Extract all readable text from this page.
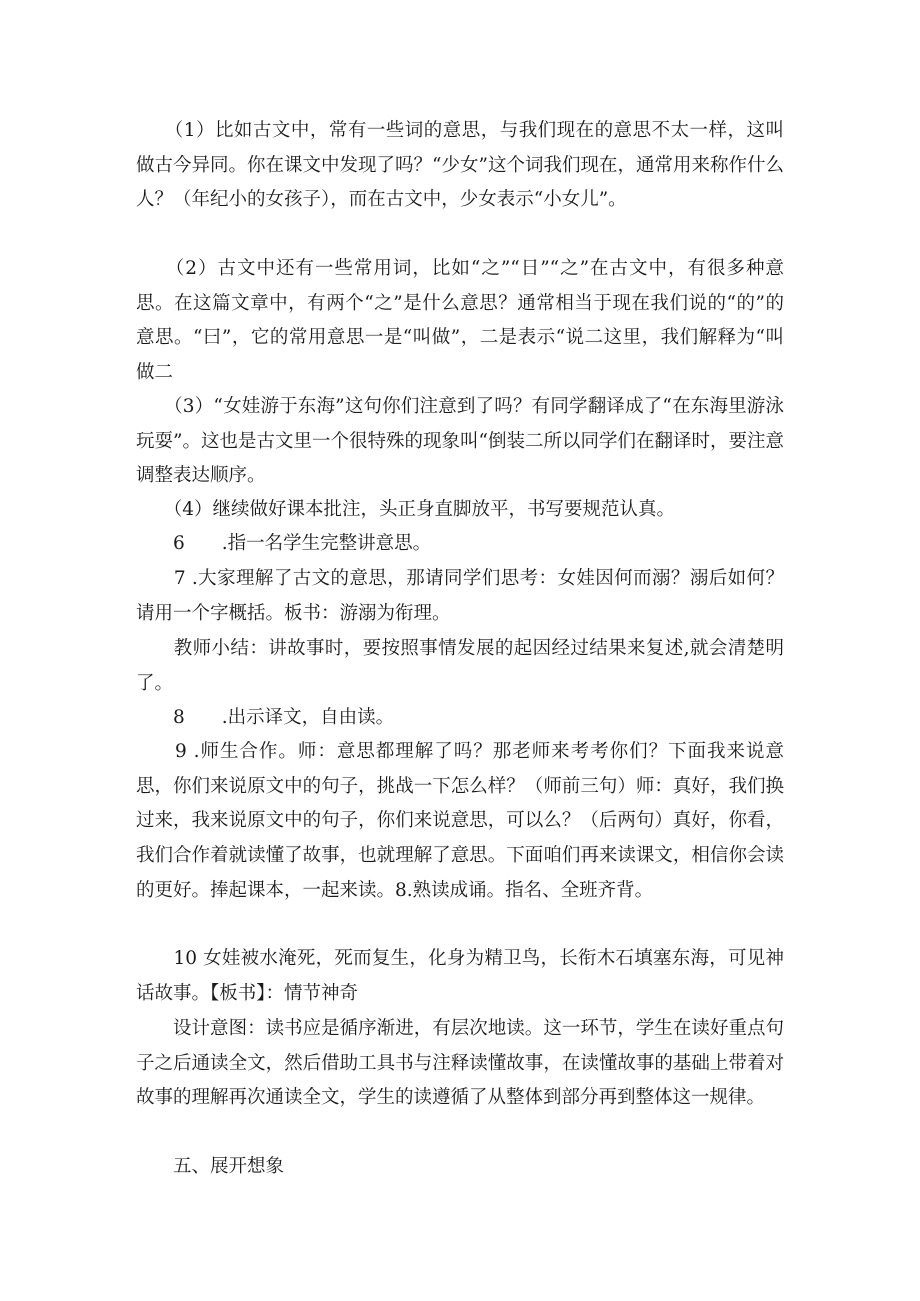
　　（1）比如古文中，常有一些词的意思，与我们现在的意思不太一样，这叫做古今异同。你在课文中发现了吗？“少女”这个词我们现在，通常用来称作什么人？（年纪小的女孩子），而在古文中，少女表示“小女儿”。

　　（2）古文中还有一些常用词，比如“之”“日”“之”在古文中，有很多种意思。在这篇文章中，有两个“之”是什么意思？通常相当于现在我们说的“的”的意思。“曰”，它的常用意思一是“叫做”，二是表示“说二这里，我们解释为“叫做二

　　（3）“女娃游于东海”这句你们注意到了吗？有同学翻译成了“在东海里游泳玩耍”。这也是古文里一个很特殊的现象叫“倒装二所以同学们在翻译时，要注意调整表达顺序。

　　（4）继续做好课本批注，头正身直脚放平，书写要规范认真。

　　6　　.指一名学生完整讲意思。

　　7 .大家理解了古文的意思，那请同学们思考：女娃因何而溺？溺后如何？请用一个字概括。板书：游溺为衔理。

　　教师小结：讲故事时，要按照事情发展的起因经过结果来复述,就会清楚明了。

　　8　　.出示译文，自由读。

　　9 .师生合作。师：意思都理解了吗？那老师来考考你们？下面我来说意思，你们来说原文中的句子，挑战一下怎么样？（师前三句）师：真好，我们换过来，我来说原文中的句子，你们来说意思，可以么？（后两句）真好，你看，我们合作着就读懂了故事，也就理解了意思。下面咱们再来读课文，相信你会读的更好。捧起课本，一起来读。8.熟读成诵。指名、全班齐背。

　　10 女娃被水淹死，死而复生，化身为精卫鸟，长衔木石填塞东海，可见神话故事。【板书】：情节神奇

　　设计意图：读书应是循序渐进，有层次地读。这一环节，学生在读好重点句子之后通读全文，然后借助工具书与注释读懂故事，在读懂故事的基础上带着对故事的理解再次通读全文，学生的读遵循了从整体到部分再到整体这一规律。

　　五、展开想象
